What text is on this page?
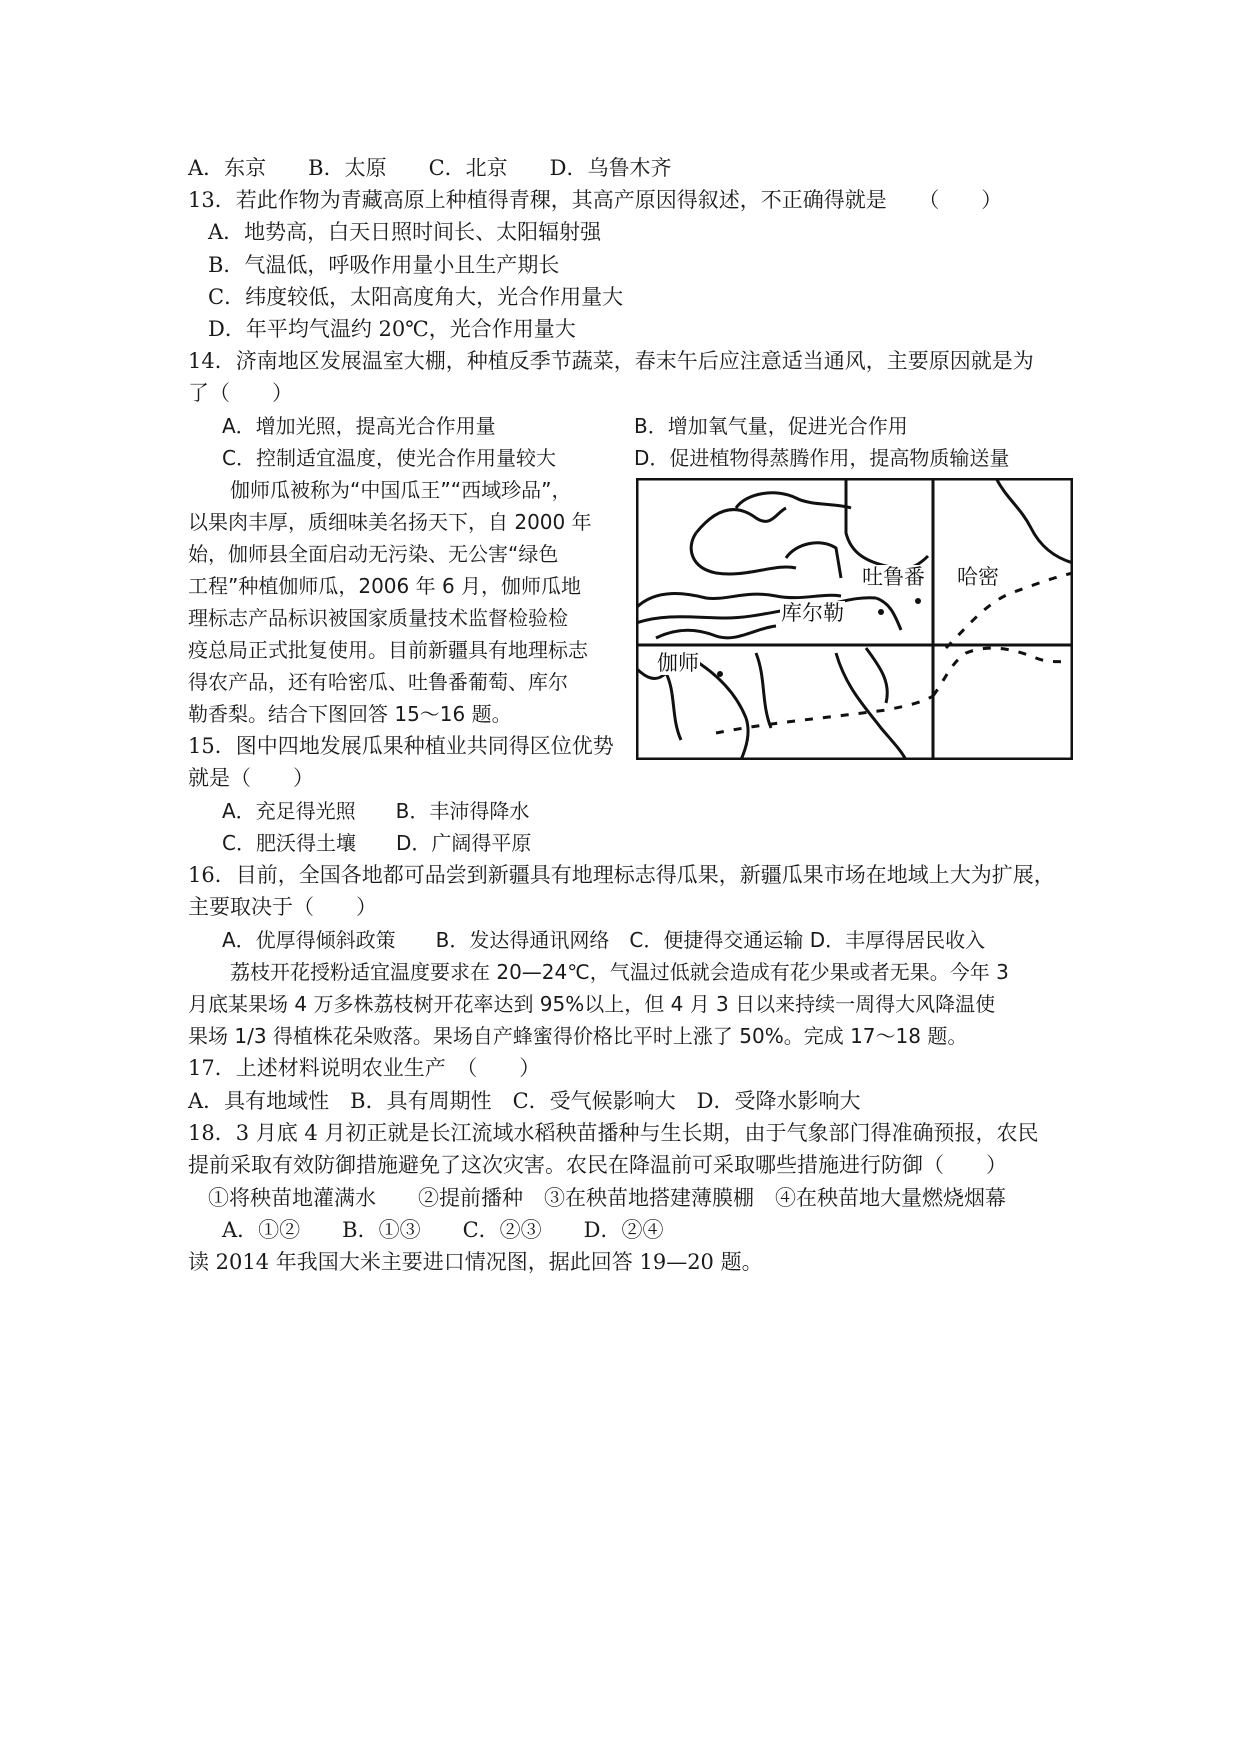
A．东京　　B．太原　　C．北京　　D．乌鲁木齐
13．若此作物为青藏高原上种植得青稞，其高产原因得叙述，不正确得就是　　（　　）
A．地势高，白天日照时间长、太阳辐射强
B．气温低，呼吸作用量小且生产期长
C．纬度较低，太阳高度角大，光合作用量大
D．年平均气温约 20℃，光合作用量大
14．济南地区发展温室大棚，种植反季节蔬菜，春末午后应注意适当通风，主要原因就是为
了（　　）
A．增加光照，提高光合作用量	B．增加氧气量，促进光合作用
C．控制适宜温度，使光合作用量较大	D．促进植物得蒸腾作用，提高物质输送量
伽师瓜被称为“中国瓜王”“西域珍品”，
以果肉丰厚，质细味美名扬天下，自 2000 年
始，伽师县全面启动无污染、无公害“绿色
工程”种植伽师瓜，2006 年 6 月，伽师瓜地
理标志产品标识被国家质量技术监督检验检
疫总局正式批复使用。目前新疆具有地理标志
得农产品，还有哈密瓜、吐鲁番葡萄、库尔
勒香梨。结合下图回答 15～16 题。
吐鲁番 哈密
库尔勒
伽师
15．图中四地发展瓜果种植业共同得区位优势
就是（　　）
A．充足得光照　　B．丰沛得降水
C．肥沃得土壤　　D．广阔得平原
16．目前，全国各地都可品尝到新疆具有地理标志得瓜果，新疆瓜果市场在地域上大为扩展，
主要取决于（　　）
A．优厚得倾斜政策　　B．发达得通讯网络　C．便捷得交通运输 D．丰厚得居民收入
荔枝开花授粉适宜温度要求在 20—24℃，气温过低就会造成有花少果或者无果。今年 3
月底某果场 4 万多株荔枝树开花率达到 95%以上，但 4 月 3 日以来持续一周得大风降温使
果场 1/3 得植株花朵败落。果场自产蜂蜜得价格比平时上涨了 50%。完成 17～18 题。
17．上述材料说明农业生产　（　　）
A．具有地域性　B．具有周期性　C．受气候影响大　D．受降水影响大
18．3 月底 4 月初正就是长江流域水稻秧苗播种与生长期，由于气象部门得准确预报，农民
提前采取有效防御措施避免了这次灾害。农民在降温前可采取哪些措施进行防御（　　）
①将秧苗地灌满水　　②提前播种　③在秧苗地搭建薄膜棚　④在秧苗地大量燃烧烟幕
A．①②　　B．①③　　C．②③　　D．②④
读 2014 年我国大米主要进口情况图，据此回答 19—20 题。
